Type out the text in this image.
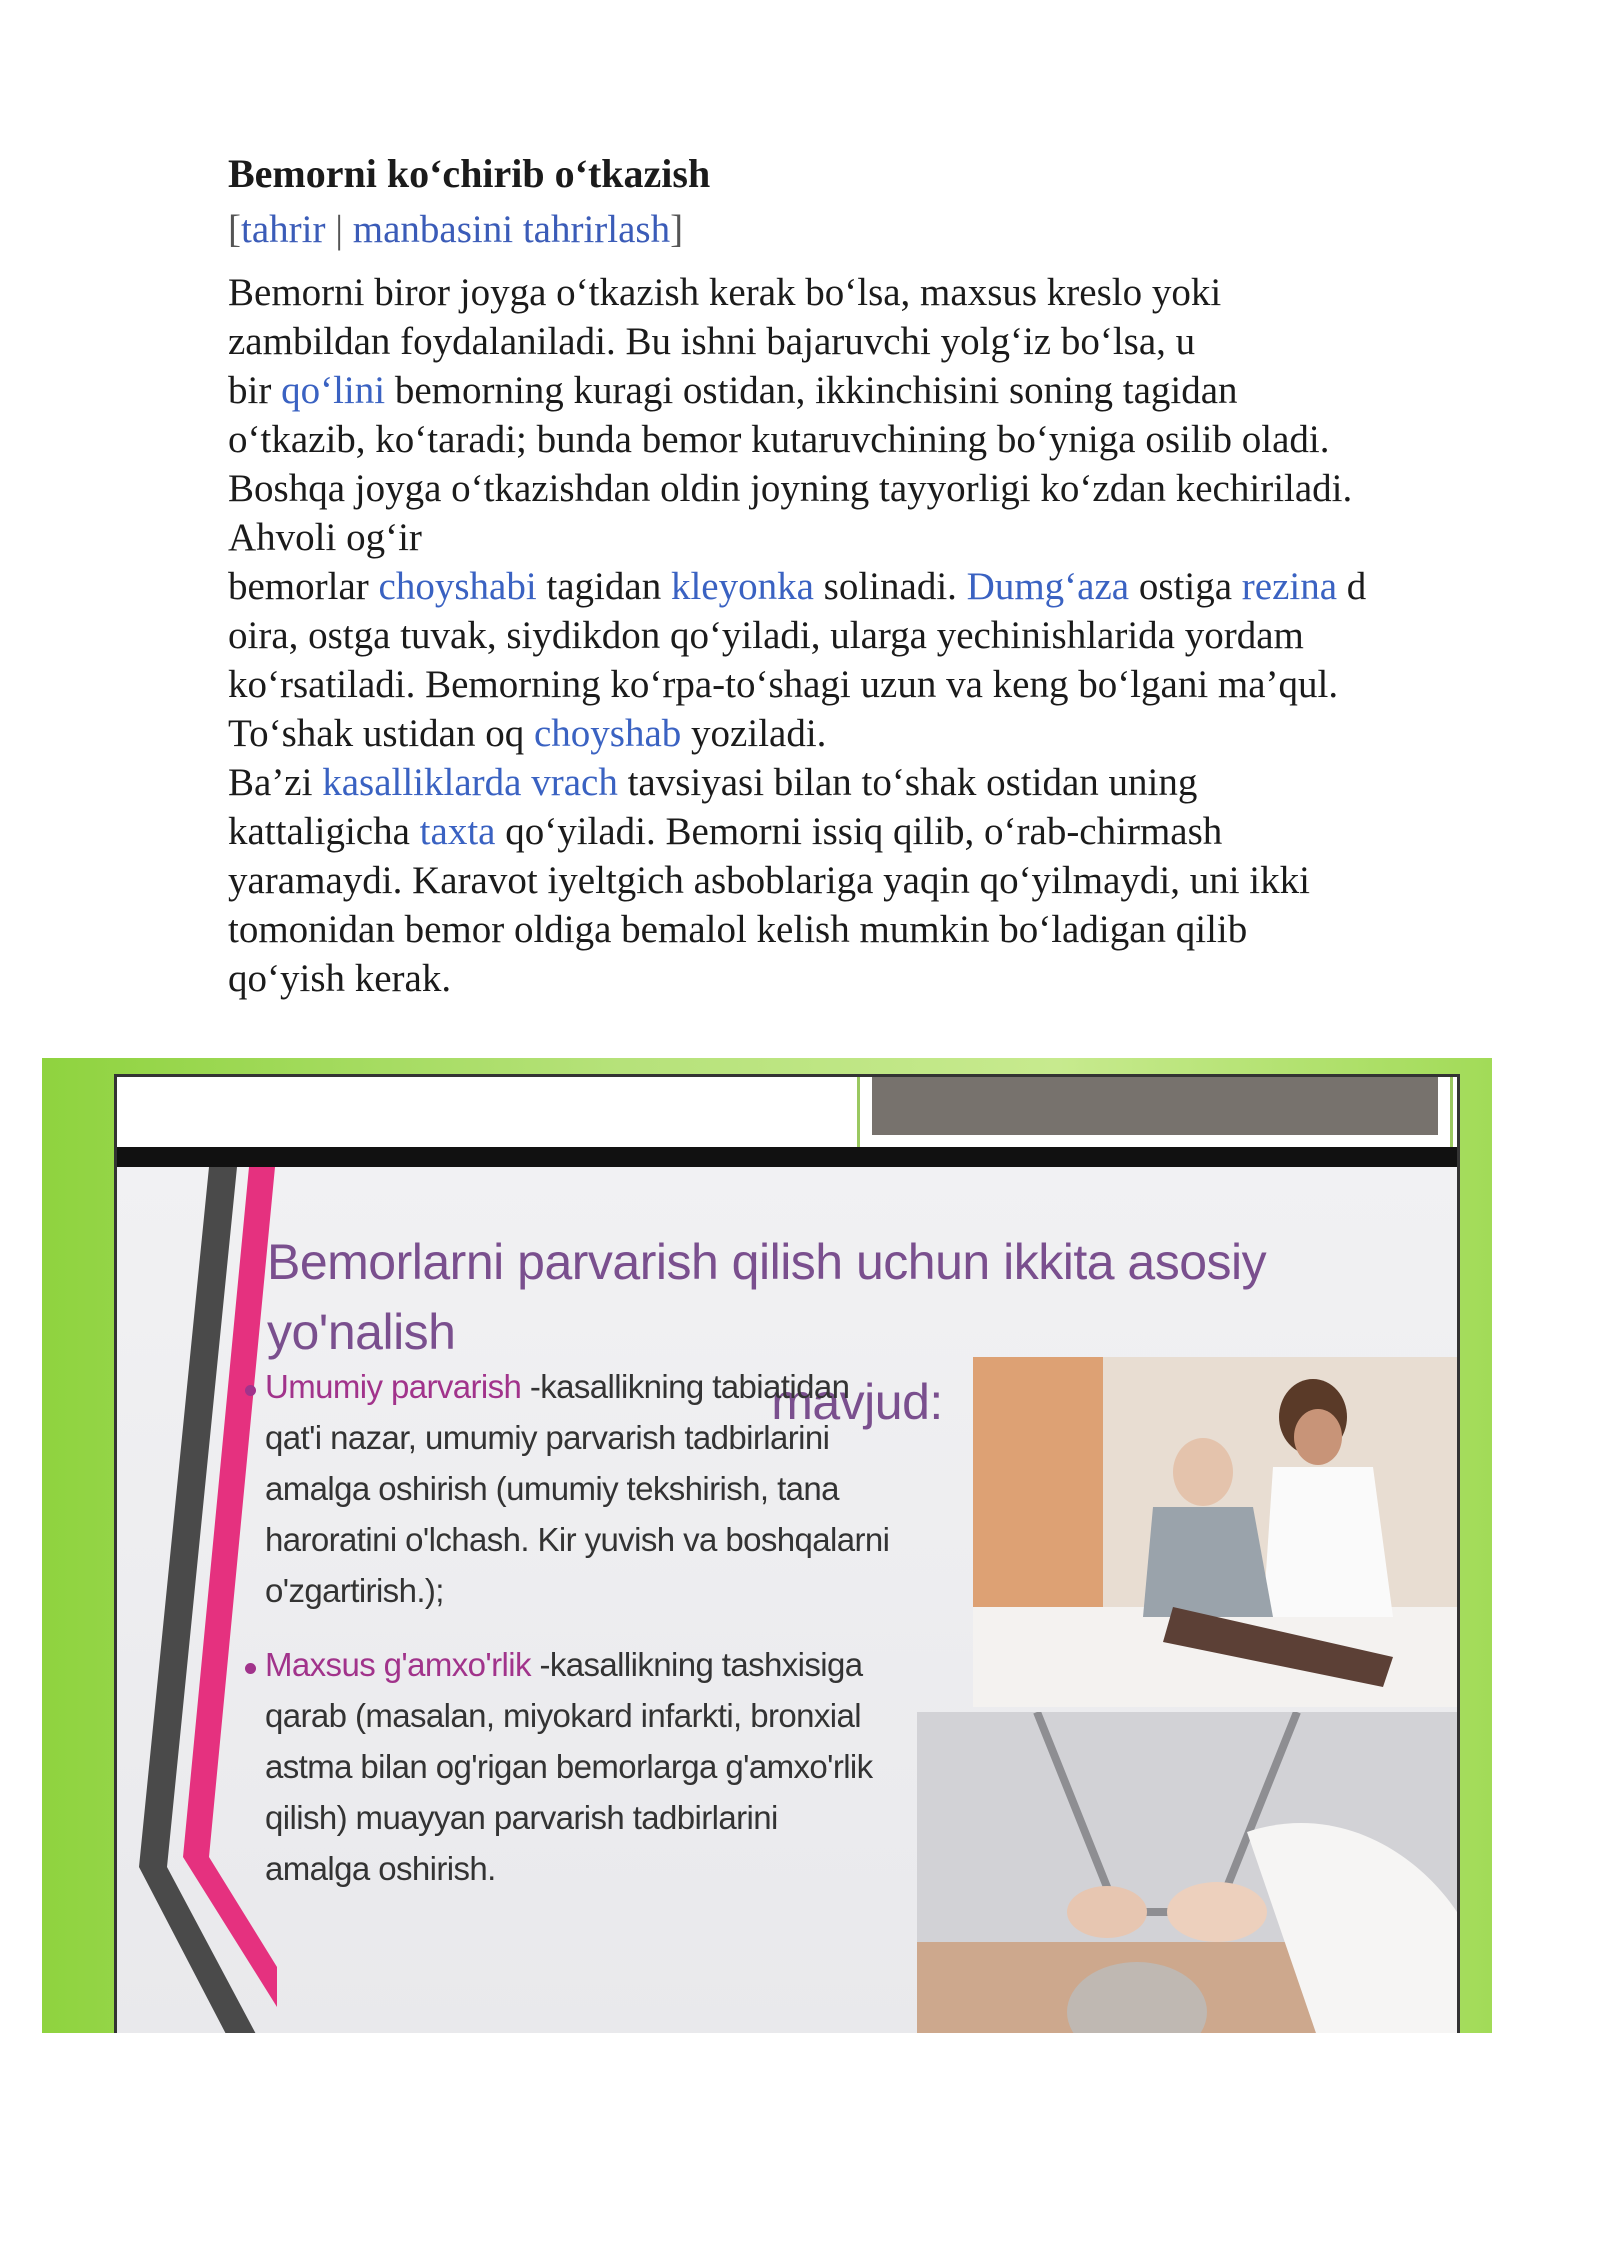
Bemorni ko‘chirib o‘tkazish
[tahrir | manbasini tahrirlash]

Bemorni biror joyga o‘tkazish kerak bo‘lsa, maxsus kreslo yoki
zambildan foydalaniladi. Bu ishni bajaruvchi yolg‘iz bo‘lsa, u
bir qo‘lini bemorning kuragi ostidan, ikkinchisini soning tagidan
o‘tkazib, ko‘taradi; bunda bemor kutaruvchining bo‘yniga osilib oladi.
Boshqa joyga o‘tkazishdan oldin joyning tayyorligi ko‘zdan kechiriladi.
Ahvoli og‘ir
bemorlar choyshabi tagidan kleyonka solinadi. Dumg‘aza ostiga rezina d
oira, ostga tuvak, siydikdon qo‘yiladi, ularga yechinishlarida yordam
ko‘rsatiladi. Bemorning ko‘rpa-to‘shagi uzun va keng bo‘lgani ma’qul.
To‘shak ustidan oq choyshab yoziladi.
Ba’zi kasalliklarda vrach tavsiyasi bilan to‘shak ostidan uning
kattaligicha taxta qo‘yiladi. Bemorni issiq qilib, o‘rab-chirmash
yaramaydi. Karavot iyeltgich asboblariga yaqin qo‘yilmaydi, uni ikki
tomonidan bemor oldiga bemalol kelish mumkin bo‘ladigan qilib
qo‘yish kerak.

Bemorlarni parvarish qilish uchun ikkita asosiy yo'nalish
mavjud:
Umumiy parvarish -kasallikning tabiatidan
qat'i nazar, umumiy parvarish tadbirlarini
amalga oshirish (umumiy tekshirish, tana
haroratini o'lchash. Kir yuvish va boshqalarni
o'zgartirish.);
Maxsus g'amxo'rlik -kasallikning tashxisiga
qarab (masalan, miyokard infarkti, bronxial
astma bilan og'rigan bemorlarga g'amxo'rlik
qilish) muayyan parvarish tadbirlarini
amalga oshirish.
